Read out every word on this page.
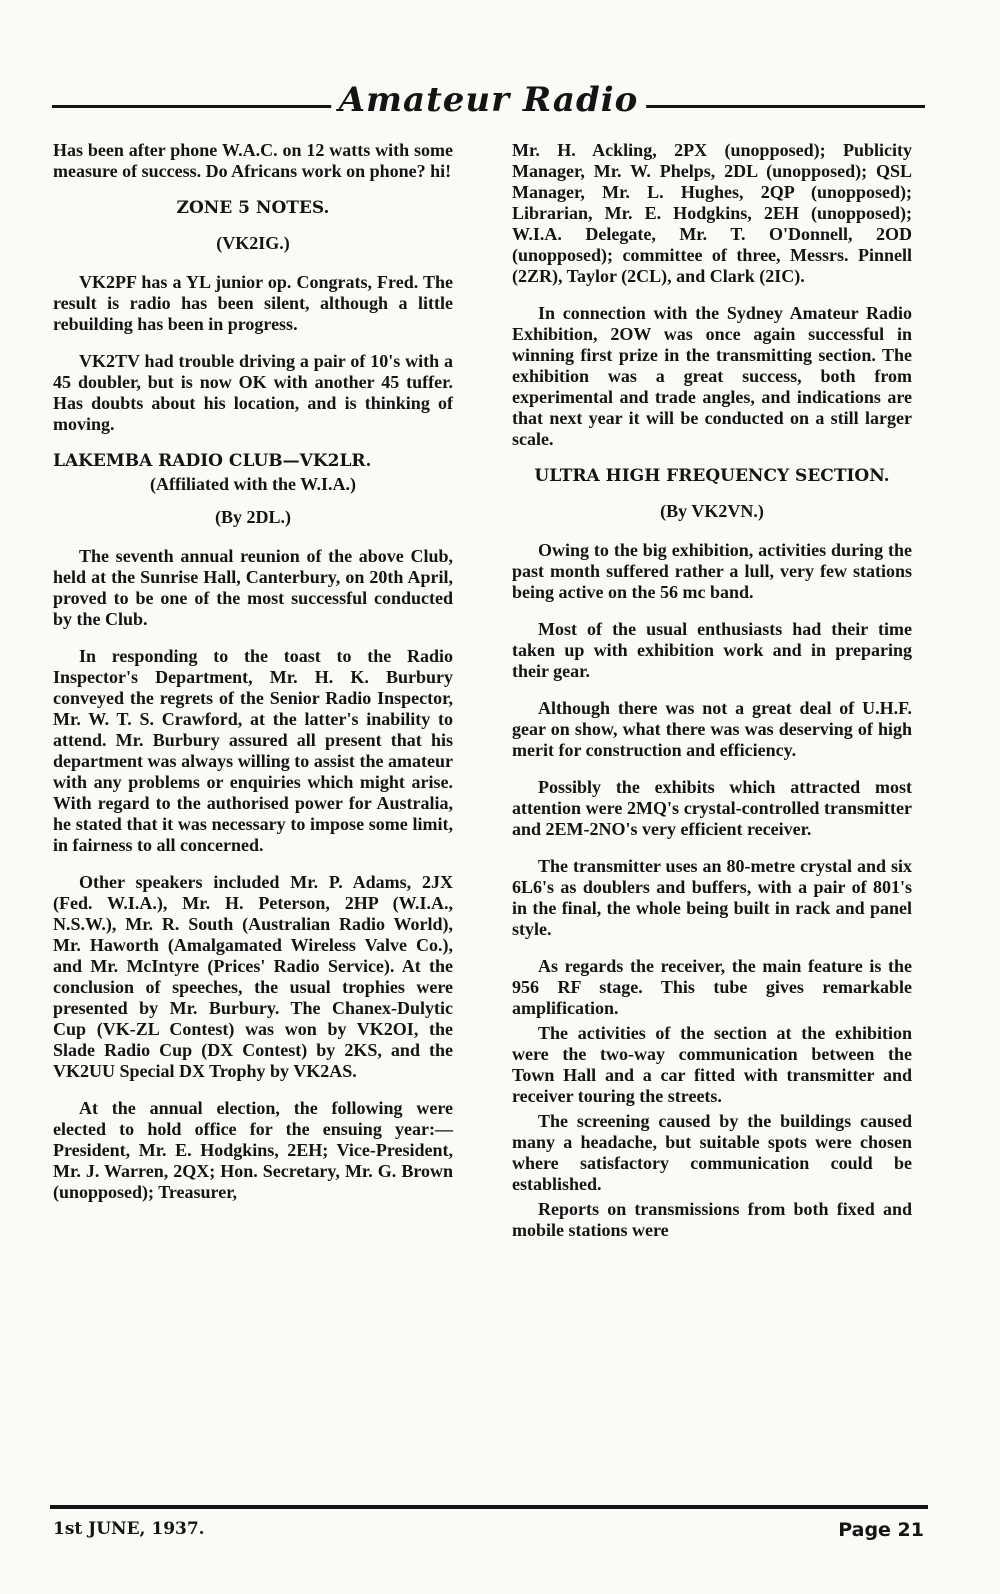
Amateur Radio

Has been after phone W.A.C. on 12 watts with some measure of success. Do Africans work on phone? hi!

ZONE 5 NOTES.
(VK2IG.)

VK2PF has a YL junior op. Congrats, Fred. The result is radio has been silent, although a little rebuilding has been in progress.

VK2TV had trouble driving a pair of 10's with a 45 doubler, but is now OK with another 45 tuffer. Has doubts about his location, and is thinking of moving.

LAKEMBA RADIO CLUB—VK2LR.
(Affiliated with the W.I.A.)
(By 2DL.)

The seventh annual reunion of the above Club, held at the Sunrise Hall, Canterbury, on 20th April, proved to be one of the most successful conducted by the Club.

In responding to the toast to the Radio Inspector's Department, Mr. H. K. Burbury conveyed the regrets of the Senior Radio Inspector, Mr. W. T. S. Crawford, at the latter's inability to attend. Mr. Burbury assured all present that his department was always willing to assist the amateur with any problems or enquiries which might arise. With regard to the authorised power for Australia, he stated that it was necessary to impose some limit, in fairness to all concerned.

Other speakers included Mr. P. Adams, 2JX (Fed. W.I.A.), Mr. H. Peterson, 2HP (W.I.A., N.S.W.), Mr. R. South (Australian Radio World), Mr. Haworth (Amalgamated Wireless Valve Co.), and Mr. McIntyre (Prices' Radio Service). At the conclusion of speeches, the usual trophies were presented by Mr. Burbury. The Chanex-Dulytic Cup (VK-ZL Contest) was won by VK2OI, the Slade Radio Cup (DX Contest) by 2KS, and the VK2UU Special DX Trophy by VK2AS.

At the annual election, the following were elected to hold office for the ensuing year:—President, Mr. E. Hodgkins, 2EH; Vice-President, Mr. J. Warren, 2QX; Hon. Secretary, Mr. G. Brown (unopposed); Treasurer,

Mr. H. Ackling, 2PX (unopposed); Publicity Manager, Mr. W. Phelps, 2DL (unopposed); QSL Manager, Mr. L. Hughes, 2QP (unopposed); Librarian, Mr. E. Hodgkins, 2EH (unopposed); W.I.A. Delegate, Mr. T. O'Donnell, 2OD (unopposed); committee of three, Messrs. Pinnell (2ZR), Taylor (2CL), and Clark (2IC).

In connection with the Sydney Amateur Radio Exhibition, 2OW was once again successful in winning first prize in the transmitting section. The exhibition was a great success, both from experimental and trade angles, and indications are that next year it will be conducted on a still larger scale.

ULTRA HIGH FREQUENCY SECTION.
(By VK2VN.)

Owing to the big exhibition, activities during the past month suffered rather a lull, very few stations being active on the 56 mc band.

Most of the usual enthusiasts had their time taken up with exhibition work and in preparing their gear.

Although there was not a great deal of U.H.F. gear on show, what there was was deserving of high merit for construction and efficiency.

Possibly the exhibits which attracted most attention were 2MQ's crystal-controlled transmitter and 2EM-2NO's very efficient receiver.

The transmitter uses an 80-metre crystal and six 6L6's as doublers and buffers, with a pair of 801's in the final, the whole being built in rack and panel style.

As regards the receiver, the main feature is the 956 RF stage. This tube gives remarkable amplification.

The activities of the section at the exhibition were the two-way communication between the Town Hall and a car fitted with transmitter and receiver touring the streets.

The screening caused by the buildings caused many a headache, but suitable spots were chosen where satisfactory communication could be established.

Reports on transmissions from both fixed and mobile stations were

1st JUNE, 1937.	Page 21
